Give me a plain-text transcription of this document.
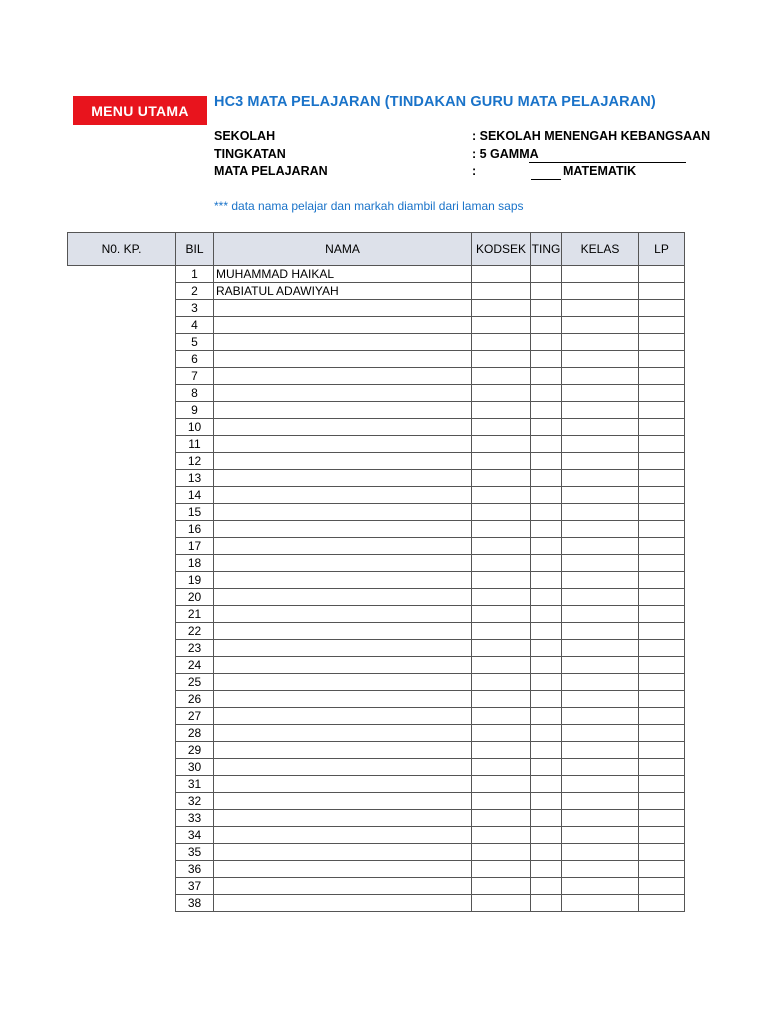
MENU UTAMA
HC3 MATA PELAJARAN (TINDAKAN GURU MATA PELAJARAN)
SEKOLAH	: SEKOLAH MENENGAH KEBANGSAAN
TINGKATAN	: 5 GAMMA
MATA PELAJARAN	:	MATEMATIK
*** data nama pelajar dan markah diambil dari laman saps
N0. KP.	BIL	NAMA	KODSEK	TING	KELAS	LP
	1	MUHAMMAD HAIKAL				
	2	RABIATUL ADAWIYAH				
	3					
	4					
	5					
	6					
	7					
	8					
	9					
	10					
	11					
	12					
	13					
	14					
	15					
	16					
	17					
	18					
	19					
	20					
	21					
	22					
	23					
	24					
	25					
	26					
	27					
	28					
	29					
	30					
	31					
	32					
	33					
	34					
	35					
	36					
	37					
	38					
